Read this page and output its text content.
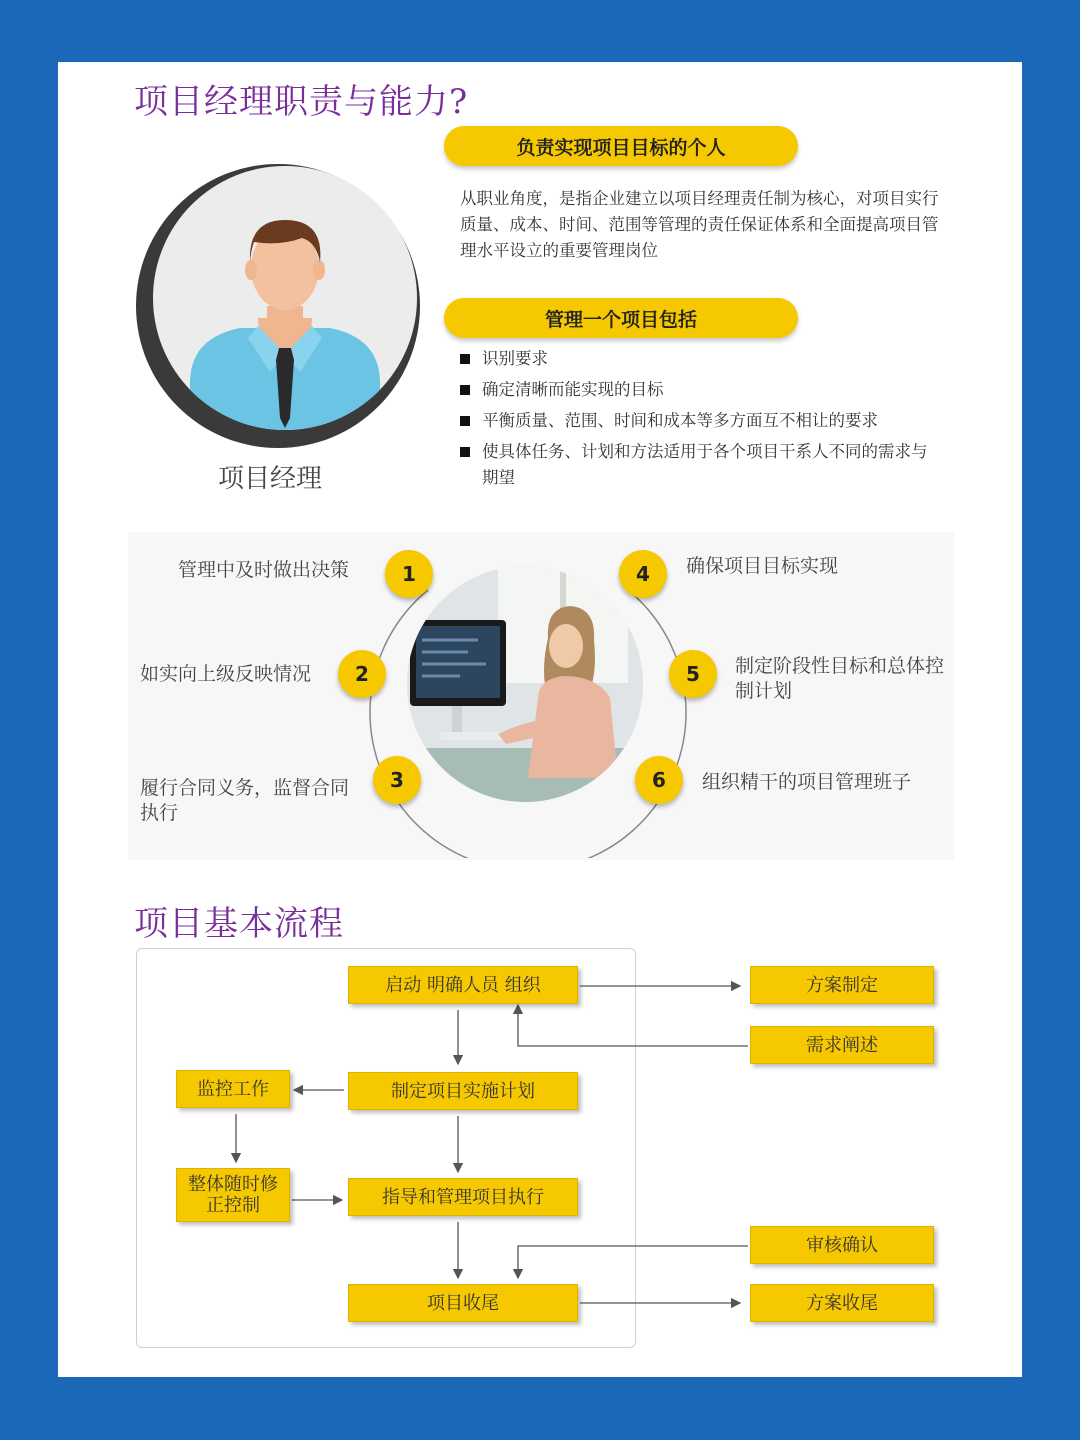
项目经理职责与能力?
项目经理
负责实现项目目标的个人
从职业角度，是指企业建立以项目经理责任制为核心，对项目实行质量、成本、时间、范围等管理的责任保证体系和全面提高项目管理水平设立的重要管理岗位
管理一个项目包括
识别要求
确定清晰而能实现的目标
平衡质量、范围、时间和成本等多方面互不相让的要求
使具体任务、计划和方法适用于各个项目干系人不同的需求与期望
1
2
3
4
5
6
管理中及时做出决策
如实向上级反映情况
履行合同义务，监督合同执行
确保项目目标实现
制定阶段性目标和总体控制计划
组织精干的项目管理班子
项目基本流程
启动 明确人员 组织
制定项目实施计划
指导和管理项目执行
项目收尾
监控工作
整体随时修正控制
方案制定
需求阐述
审核确认
方案收尾
